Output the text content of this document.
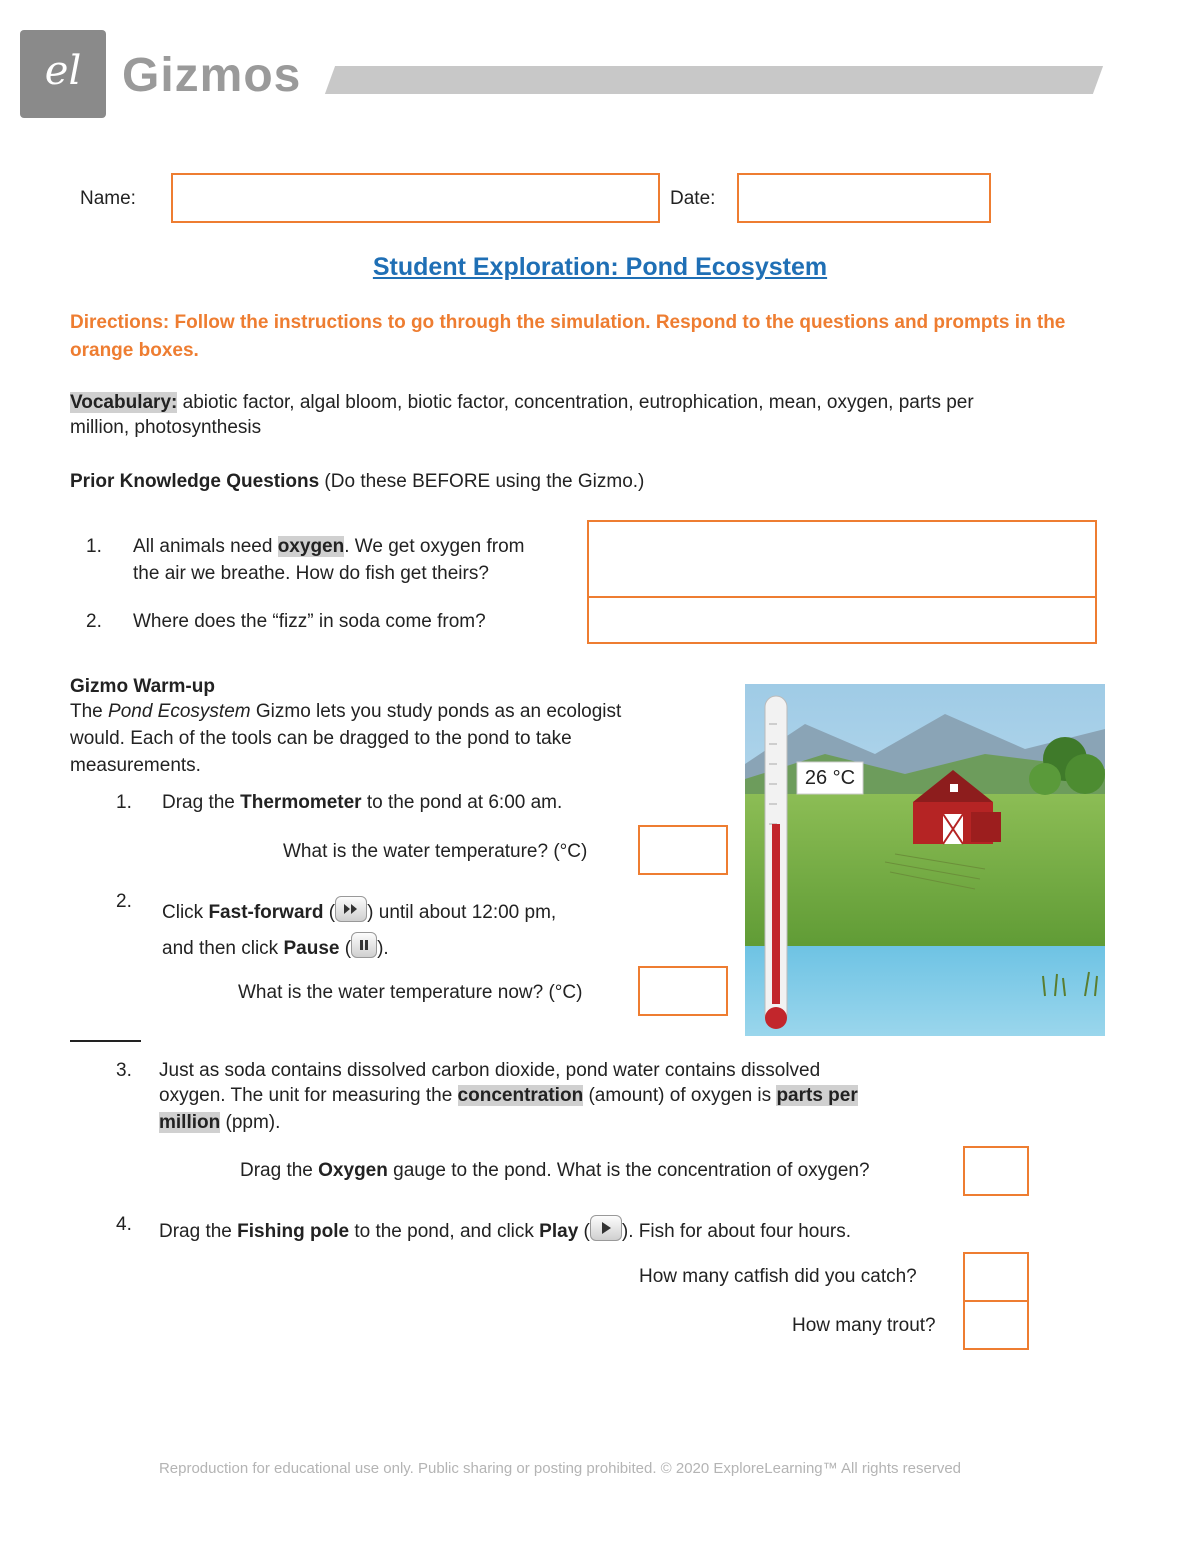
el Gizmos
Name:	Date:
Student Exploration: Pond Ecosystem
Directions: Follow the instructions to go through the simulation. Respond to the questions and prompts in the orange boxes.
Vocabulary: abiotic factor, algal bloom, biotic factor, concentration, eutrophication, mean, oxygen, parts per
million, photosynthesis
Prior Knowledge Questions (Do these BEFORE using the Gizmo.)
1. All animals need oxygen. We get oxygen from
the air we breathe. How do fish get theirs?
2. Where does the “fizz” in soda come from?
Gizmo Warm-up
The Pond Ecosystem Gizmo lets you study ponds as an ecologist
would. Each of the tools can be dragged to the pond to take
measurements.
1. Drag the Thermometer to the pond at 6:00 am.
What is the water temperature? (°C)
2.
Click Fast-forward ( ) until about 12:00 pm,
and then click Pause ( ).
What is the water temperature now? (°C)
26 °C
3. Just as soda contains dissolved carbon dioxide, pond water contains dissolved
oxygen. The unit for measuring the concentration (amount) of oxygen is parts per
million (ppm).
Drag the Oxygen gauge to the pond. What is the concentration of oxygen?
4. Drag the Fishing pole to the pond, and click Play ( ). Fish for about four hours.
How many catfish did you catch?
How many trout?
Reproduction for educational use only. Public sharing or posting prohibited. © 2020 ExploreLearning™ All rights reserved
